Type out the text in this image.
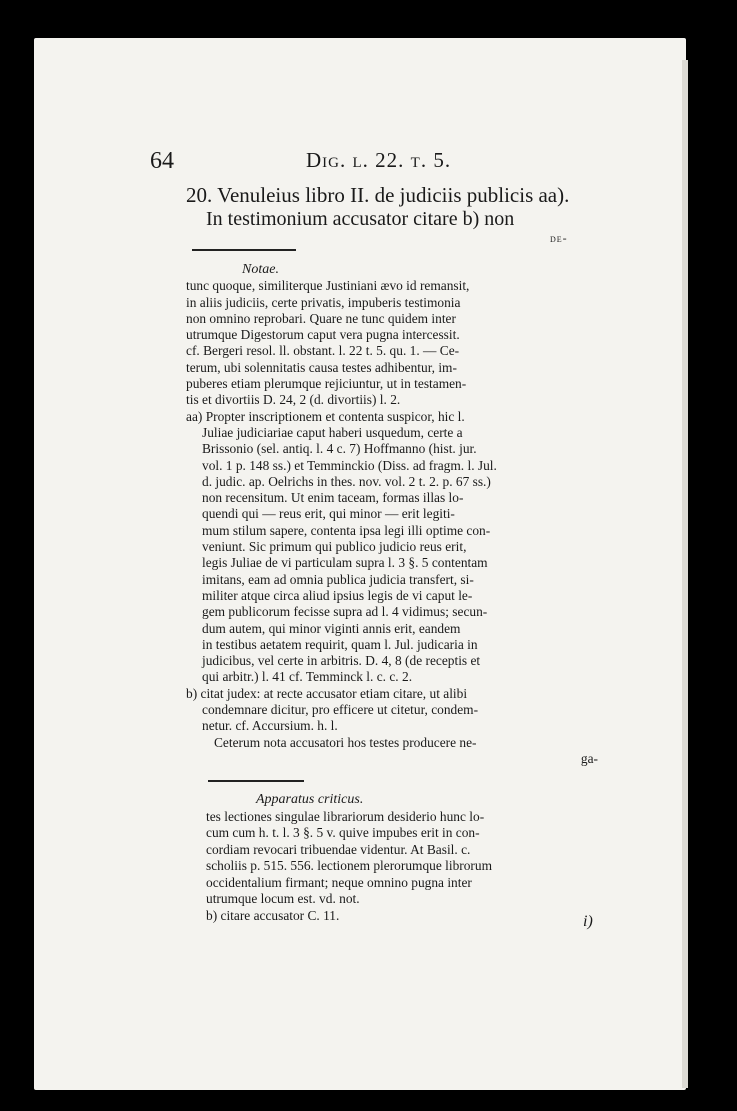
64	Dig. l. 22. t. 5.
20. Venuleius libro II. de judiciis publicis aa).
In testimonium accusator citare b) non
de-
Notae.
tunc quoque, similiterque Justiniani ævo id remansit,
in aliis judiciis, certe privatis, impuberis testimonia
non omnino reprobari. Quare ne tunc quidem inter
utrumque Digestorum caput vera pugna intercessit.
cf. Bergeri resol. ll. obstant. l. 22 t. 5. qu. 1. — Ce-
terum, ubi solennitatis causa testes adhibentur, im-
puberes etiam plerumque rejiciuntur, ut in testamen-
tis et divortiis D. 24, 2 (d. divortiis) l. 2.
aa) Propter inscriptionem et contenta suspicor, hic l.
Juliae judiciariae caput haberi usquedum, certe a
Brissonio (sel. antiq. l. 4 c. 7) Hoffmanno (hist. jur.
vol. 1 p. 148 ss.) et Temminckio (Diss. ad fragm. l. Jul.
d. judic. ap. Oelrichs in thes. nov. vol. 2 t. 2. p. 67 ss.)
non recensitum. Ut enim taceam, formas illas lo-
quendi qui — reus erit, qui minor — erit legiti-
mum stilum sapere, contenta ipsa legi illi optime con-
veniunt. Sic primum qui publico judicio reus erit,
legis Juliae de vi particulam supra l. 3 §. 5 contentam
imitans, eam ad omnia publica judicia transfert, si-
militer atque circa aliud ipsius legis de vi caput le-
gem publicorum fecisse supra ad l. 4 vidimus; secun-
dum autem, qui minor viginti annis erit, eandem
in testibus aetatem requirit, quam l. Jul. judicaria in
judicibus, vel certe in arbitris. D. 4, 8 (de receptis et
qui arbitr.) l. 41 cf. Temminck l. c. c. 2.
b) citat judex: at recte accusator etiam citare, ut alibi
condemnare dicitur, pro efficere ut citetur, condem-
netur. cf. Accursium. h. l.
Ceterum nota accusatori hos testes producere ne-
ga-
Apparatus criticus.
tes lectiones singulae librariorum desiderio hunc lo-
cum cum h. t. l. 3 §. 5 v. quive impubes erit in con-
cordiam revocari tribuendae videntur. At Basil. c.
scholiis p. 515. 556. lectionem plerorumque librorum
occidentalium firmant; neque omnino pugna inter
utrumque locum est. vd. not.
b) citare accusator C. 11.	i)
